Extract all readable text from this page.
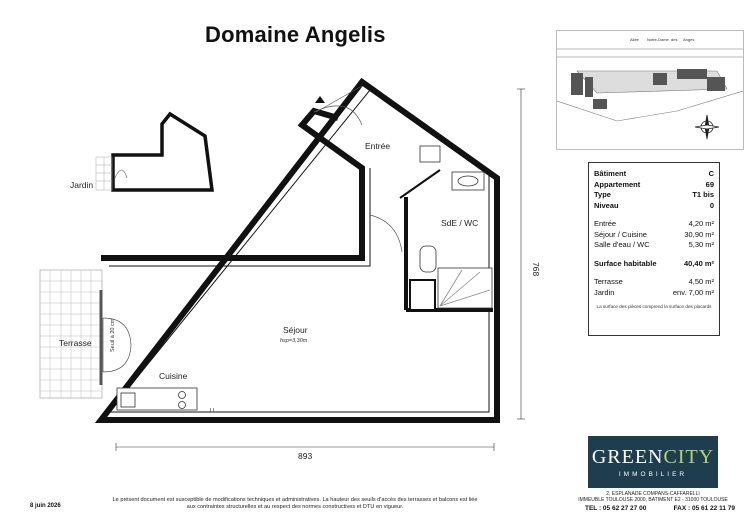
Domaine Angelis
Entrée
SdE / WC
Jardin
Terrasse
Séjour
hsp=3,30m
Cuisine
LL
Seuil à 20 cm
893
768
Allée Notre-Dame des Anges
Bâtiment	C
Appartement	69
Type	T1 bis
Niveau	0
Entrée	4,20 m²
Séjour / Cuisine	30,90 m²
Salle d'eau / WC	5,30 m²
Surface habitable	40,40 m²
Terrasse	4,50 m²
Jardin	env. 7,00 m²
La surface des pièces comprend la surface des placards
GREENCITY
IMMOBILIER
2, ESPLANADE COMPANS-CAFFARELLI
IMMEUBLE TOULOUSE 2000, BATIMENT E2 - 31000 TOULOUSE
TEL : 05 62 27 27 00	FAX : 05 61 22 11 79
8 juin 2026
Le présent document est susceptible de modifications techniques et administratives. La hauteur des seuils d'accès des terrasses et balcons est liée
aux contraintes structurelles et au respect des normes constructives et DTU en vigueur.
